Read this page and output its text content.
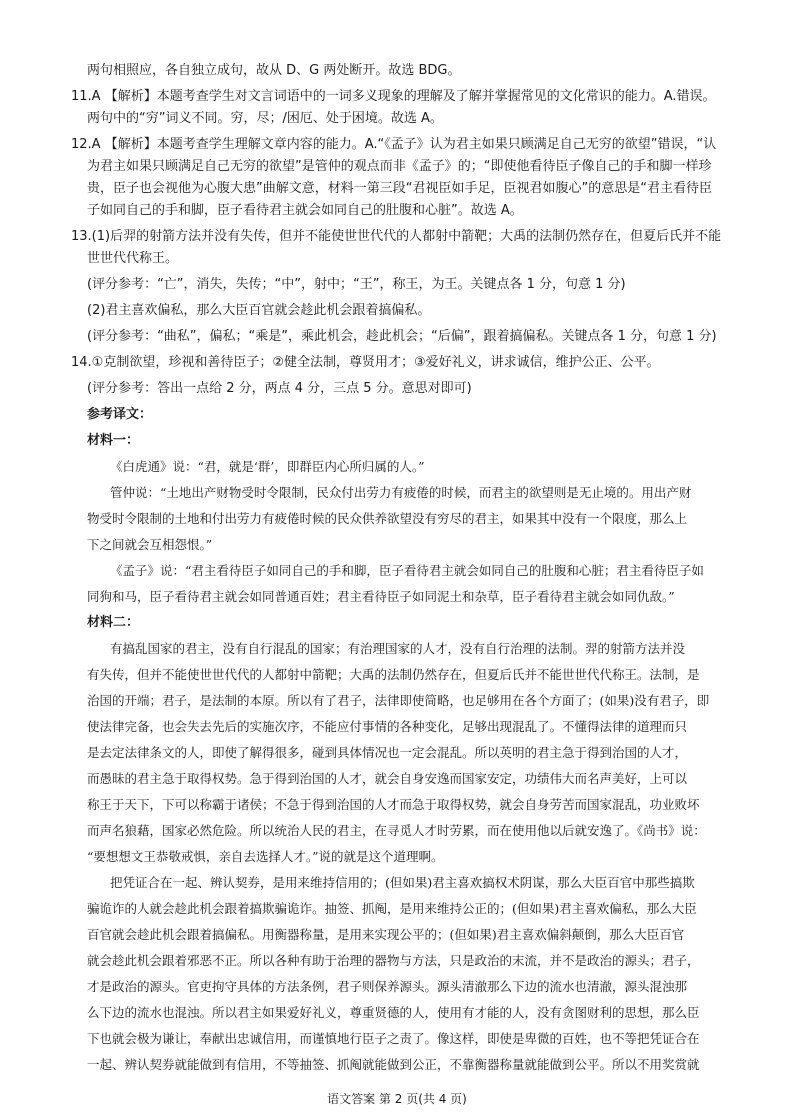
两句相照应，各自独立成句，故从 D、G 两处断开。故选 BDG。
11.A 【解析】本题考查学生对文言词语中的一词多义现象的理解及了解并掌握常见的文化常识的能力。A.错误。
两句中的“穷”词义不同。穷，尽；/困厄、处于困境。故选 A。
12.A 【解析】本题考查学生理解文章内容的能力。A.“《孟子》认为君主如果只顾满足自己无穷的欲望”错误，“认
为君主如果只顾满足自己无穷的欲望”是管仲的观点而非《孟子》的；“即使他看待臣子像自己的手和脚一样珍
贵，臣子也会视他为心腹大患”曲解文意，材料一第三段“君视臣如手足，臣视君如腹心”的意思是“君主看待臣
子如同自己的手和脚，臣子看待君主就会如同自己的肚腹和心脏”。故选 A。
13.(1)后羿的射箭方法并没有失传，但并不能使世世代代的人都射中箭靶；大禹的法制仍然存在，但夏后氏并不能
世世代代称王。
(评分参考：“亡”，消失，失传；“中”，射中；“王”，称王，为王。关键点各 1 分，句意 1 分)
(2)君主喜欢偏私，那么大臣百官就会趁此机会跟着搞偏私。
(评分参考：“曲私”，偏私；“乘是”，乘此机会，趁此机会；“后偏”，跟着搞偏私。关键点各 1 分，句意 1 分)
14.①克制欲望，珍视和善待臣子；②健全法制，尊贤用才；③爱好礼义，讲求诚信，维护公正、公平。
(评分参考：答出一点给 2 分，两点 4 分，三点 5 分。意思对即可)
参考译文：
材料一：
《白虎通》说：“君，就是‘群’，即群臣内心所归属的人。”
管仲说：“土地出产财物受时令限制，民众付出劳力有疲倦的时候，而君主的欲望则是无止境的。用出产财
物受时令限制的土地和付出劳力有疲倦时候的民众供养欲望没有穷尽的君主，如果其中没有一个限度，那么上
下之间就会互相怨恨。”
《孟子》说：“君主看待臣子如同自己的手和脚，臣子看待君主就会如同自己的肚腹和心脏；君主看待臣子如
同狗和马，臣子看待君主就会如同普通百姓；君主看待臣子如同泥土和杂草，臣子看待君主就会如同仇敌。”
材料二：
有搞乱国家的君主，没有自行混乱的国家；有治理国家的人才，没有自行治理的法制。羿的射箭方法并没
有失传，但并不能使世世代代的人都射中箭靶；大禹的法制仍然存在，但夏后氏并不能世世代代称王。法制，是
治国的开端；君子，是法制的本原。所以有了君子，法律即使简略，也足够用在各个方面了；(如果)没有君子，即
使法律完备，也会失去先后的实施次序，不能应付事情的各种变化，足够出现混乱了。不懂得法律的道理而只
是去定法律条文的人，即使了解得很多，碰到具体情况也一定会混乱。所以英明的君主急于得到治国的人才，
而愚昧的君主急于取得权势。急于得到治国的人才，就会自身安逸而国家安定，功绩伟大而名声美好，上可以
称王于天下，下可以称霸于诸侯；不急于得到治国的人才而急于取得权势，就会自身劳苦而国家混乱，功业败坏
而声名狼藉，国家必然危险。所以统治人民的君主，在寻觅人才时劳累，而在使用他以后就安逸了。《尚书》说：
“要想想文王恭敬戒惧，亲自去选择人才。”说的就是这个道理啊。
把凭证合在一起、辨认契券，是用来维持信用的；(但如果)君主喜欢搞权术阴谋，那么大臣百官中那些搞欺
骗诡诈的人就会趁此机会跟着搞欺骗诡诈。抽签、抓阄，是用来维持公正的；(但如果)君主喜欢偏私，那么大臣
百官就会趁此机会跟着搞偏私。用衡器称量，是用来实现公平的；(但如果)君主喜欢偏斜颠倒，那么大臣百官
就会趁此机会跟着邪恶不正。所以各种有助于治理的器物与方法，只是政治的末流，并不是政治的源头；君子，
才是政治的源头。官吏拘守具体的方法条例，君子则保养源头。源头清澈那么下边的流水也清澈，源头混浊那
么下边的流水也混浊。所以君主如果爱好礼义，尊重贤德的人，使用有才能的人，没有贪图财利的思想，那么臣
下也就会极为谦让，奉献出忠诚信用，而谨慎地行臣子之责了。像这样，即使是卑微的百姓，也不等把凭证合在
一起、辨认契券就能做到有信用，不等抽签、抓阄就能做到公正，不靠衡器称量就能做到公平。所以不用奖赏就
语文答案 第 2 页(共 4 页)
